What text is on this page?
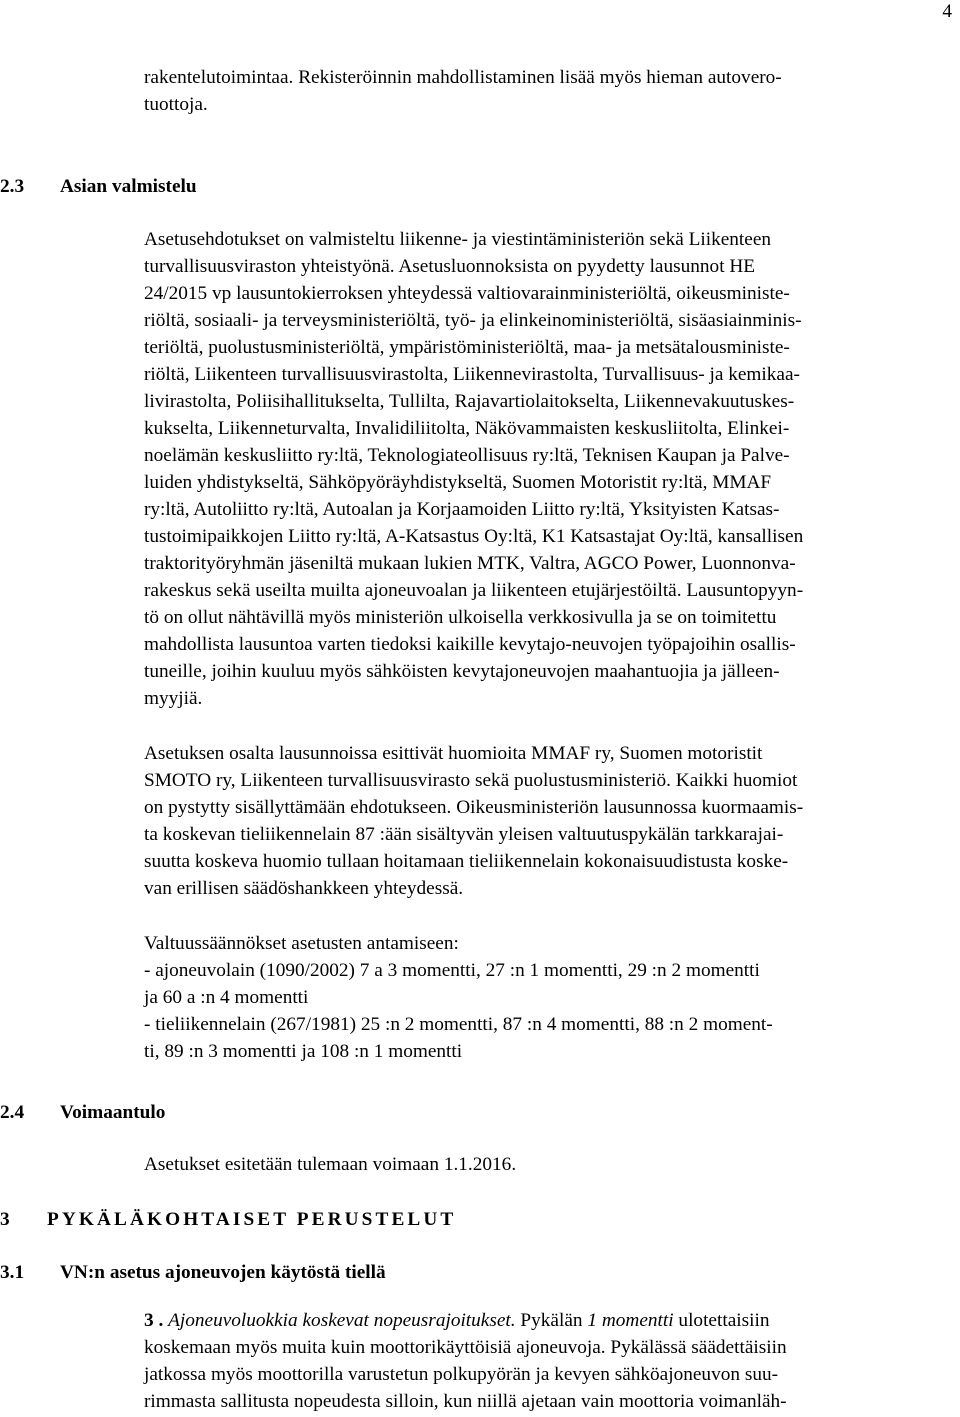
4
rakentelutoimintaa. Rekisteröinnin mahdollistaminen lisää myös hieman autovero-
tuottoja.
2.3 Asian valmistelu
Asetusehdotukset on valmisteltu liikenne- ja viestintäministeriön sekä Liikenteen
turvallisuusviraston yhteistyönä. Asetusluonnoksista on pyydetty lausunnot HE
24/2015 vp lausuntokierroksen yhteydessä valtiovarainministeriöltä, oikeusministe-
riöltä, sosiaali- ja terveysministeriöltä, työ- ja elinkeinoministeriöltä, sisäasiainminis-
teriöltä, puolustusministeriöltä, ympäristöministeriöltä, maa- ja metsätalousministe-
riöltä, Liikenteen turvallisuusvirastolta, Liikennevirastolta, Turvallisuus- ja kemikaa-
livirastolta, Poliisihallitukselta, Tullilta, Rajavartiolaitokselta, Liikennevakuutuskes-
kukselta, Liikenneturvalta, Invalidiliitolta, Näkövammaisten keskusliitolta, Elinkei-
noelämän keskusliitto ry:ltä, Teknologiateollisuus ry:ltä, Teknisen Kaupan ja Palve-
luiden yhdistykseltä, Sähköpyöräyhdistykseltä, Suomen Motoristit ry:ltä, MMAF
ry:ltä, Autoliitto ry:ltä, Autoalan ja Korjaamoiden Liitto ry:ltä, Yksityisten Katsas-
tustoimipaikkojen Liitto ry:ltä, A-Katsastus Oy:ltä, K1 Katsastajat Oy:ltä, kansallisen
traktorityöryhmän jäseniltä mukaan lukien MTK, Valtra, AGCO Power, Luonnonva-
rakeskus sekä useilta muilta ajoneuvoalan ja liikenteen etujärjestöiltä. Lausuntopyyn-
tö on ollut nähtävillä myös ministeriön ulkoisella verkkosivulla ja se on toimitettu
mahdollista lausuntoa varten tiedoksi kaikille kevytajo-neuvojen työpajoihin osallis-
tuneille, joihin kuuluu myös sähköisten kevytajoneuvojen maahantuojia ja jälleen-
myyjiä.
Asetuksen osalta lausunnoissa esittivät huomioita MMAF ry, Suomen motoristit
SMOTO ry, Liikenteen turvallisuusvirasto sekä puolustusministeriö. Kaikki huomiot
on pystytty sisällyttämään ehdotukseen. Oikeusministeriön lausunnossa kuormaamis-
ta koskevan tieliikennelain 87 :ään sisältyvän yleisen valtuutuspykälän tarkkarajai-
suutta koskeva huomio tullaan hoitamaan tieliikennelain kokonaisuudistusta koske-
van erillisen säädöshankkeen yhteydessä.
Valtuussäännökset asetusten antamiseen:
- ajoneuvolain (1090/2002) 7 a 3 momentti, 27 :n 1 momentti, 29 :n 2 momentti
ja 60 a :n 4 momentti
- tieliikennelain (267/1981) 25 :n 2 momentti, 87 :n 4 momentti, 88 :n 2 moment-
ti, 89 :n 3 momentti ja 108 :n 1 momentti
2.4 Voimaantulo
Asetukset esitetään tulemaan voimaan 1.1.2016.
3 PYKÄLÄKOHTAISET PERUSTELUT
3.1 VN:n asetus ajoneuvojen käytöstä tiellä
3 . Ajoneuvoluokkia koskevat nopeusrajoitukset. Pykälän 1 momentti ulotettaisiin
koskemaan myös muita kuin moottorikäyttöisiä ajoneuvoja. Pykälässä säädettäisiin
jatkossa myös moottorilla varustetun polkupyörän ja kevyen sähköajoneuvon suu-
rimmasta sallitusta nopeudesta silloin, kun niillä ajetaan vain moottoria voimanläh-
